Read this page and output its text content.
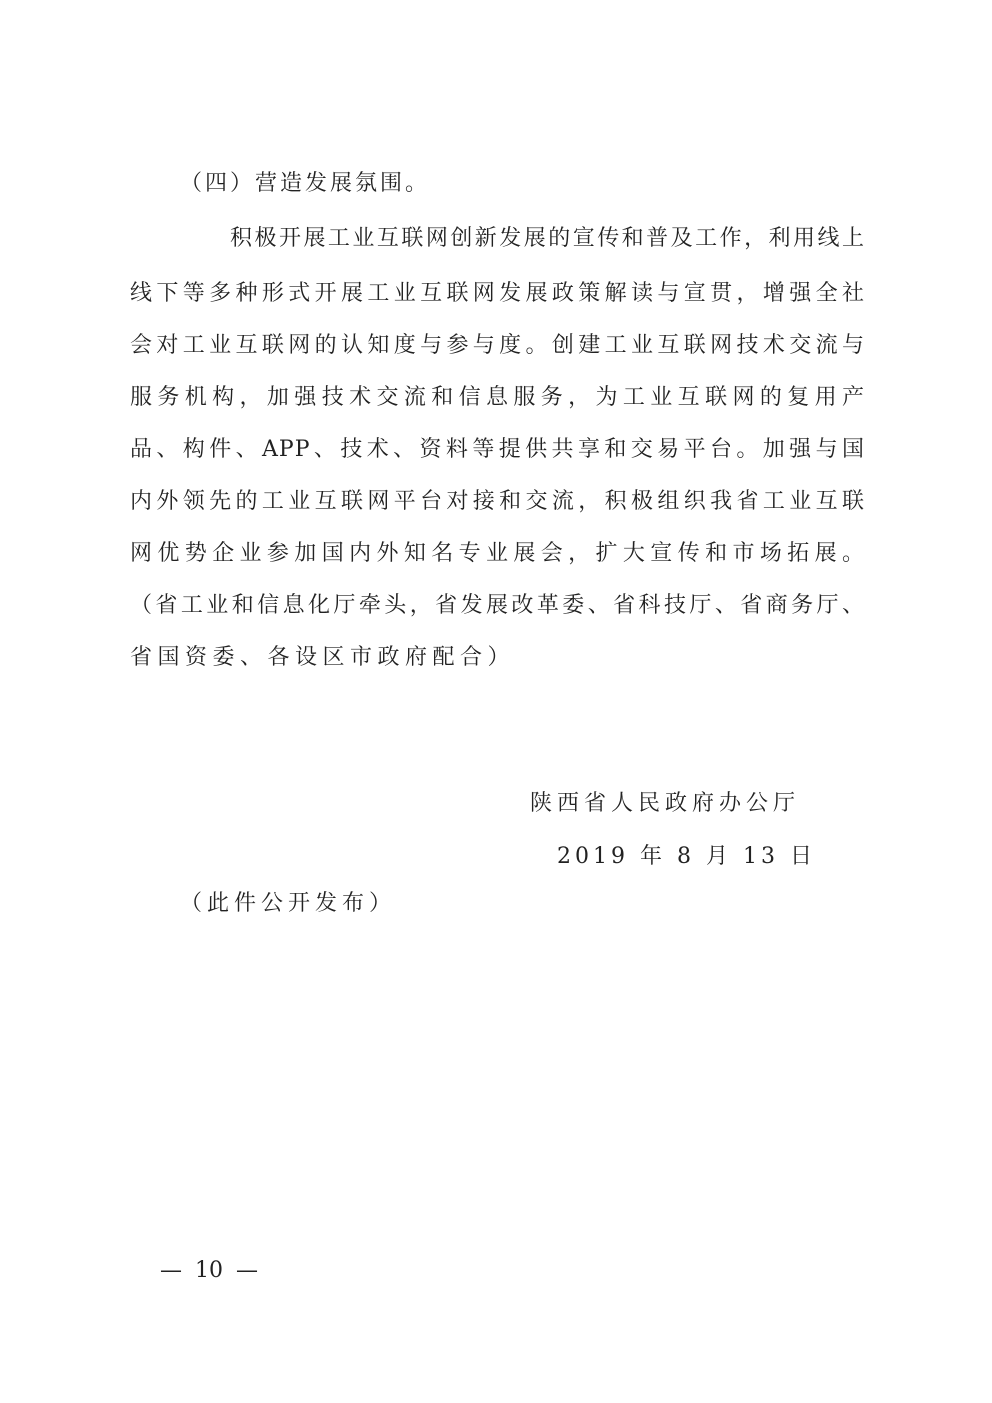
（四）营造发展氛围。
积极开展工业互联网创新发展的宣传和普及工作，利用线上
线下等多种形式开展工业互联网发展政策解读与宣贯，增强全社
会对工业互联网的认知度与参与度。创建工业互联网技术交流与
服务机构，加强技术交流和信息服务，为工业互联网的复用产
品、构件、APP、技术、资料等提供共享和交易平台。加强与国
内外领先的工业互联网平台对接和交流，积极组织我省工业互联
网优势企业参加国内外知名专业展会，扩大宣传和市场拓展。
（省工业和信息化厅牵头，省发展改革委、省科技厅、省商务厅、
省国资委、各设区市政府配合）
陕西省人民政府办公厅
2019 年 8 月 13 日
（此件公开发布）
— 10 —
